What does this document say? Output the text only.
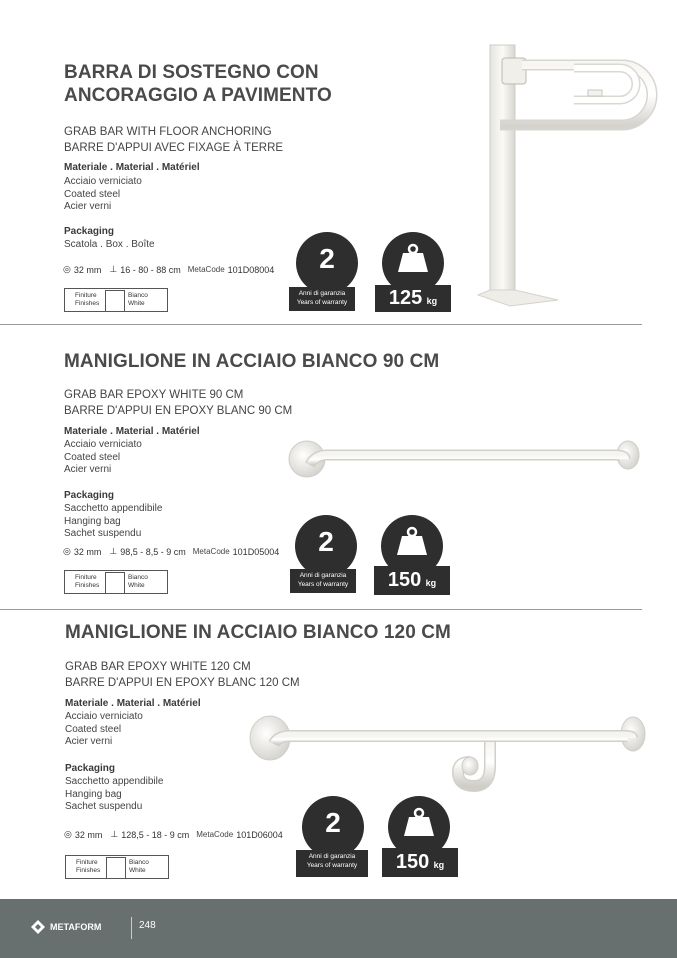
BARRA DI SOSTEGNO CON
ANCORAGGIO A PAVIMENTO
GRAB BAR WITH FLOOR ANCHORING
BARRE D'APPUI AVEC FIXAGE À TERRE
Materiale . Material . Matériel
Acciaio verniciato
Coated steel
Acier verni
Packaging
Scatola . Box . Boîte
◎ 32 mm ⊥ 16 - 80 - 88 cm MetaCode 101D08004
Finiture
Finishes
Bianco
White
2
Anni di garanzia
Years of warranty	125 kg
MANIGLIONE IN ACCIAIO BIANCO 90 CM
GRAB BAR EPOXY WHITE 90 CM
BARRE D'APPUI EN EPOXY BLANC 90 CM
Materiale . Material . Matériel
Acciaio verniciato
Coated steel
Acier verni
Packaging
Sacchetto appendibile
Hanging bag
Sachet suspendu
◎ 32 mm ⊥ 98,5 - 8,5 - 9 cm MetaCode 101D05004
Finiture
Finishes
Bianco
White
2
Anni di garanzia
Years of warranty	150 kg
MANIGLIONE IN ACCIAIO BIANCO 120 CM
GRAB BAR EPOXY WHITE 120 CM
BARRE D'APPUI EN EPOXY BLANC 120 CM
Materiale . Material . Matériel
Acciaio verniciato
Coated steel
Acier verni
Packaging
Sacchetto appendibile
Hanging bag
Sachet suspendu
◎ 32 mm ⊥ 128,5 - 18 - 9 cm MetaCode 101D06004
Finiture
Finishes
Bianco
White
2
Anni di garanzia
Years of warranty	150 kg
METAFORM	248
